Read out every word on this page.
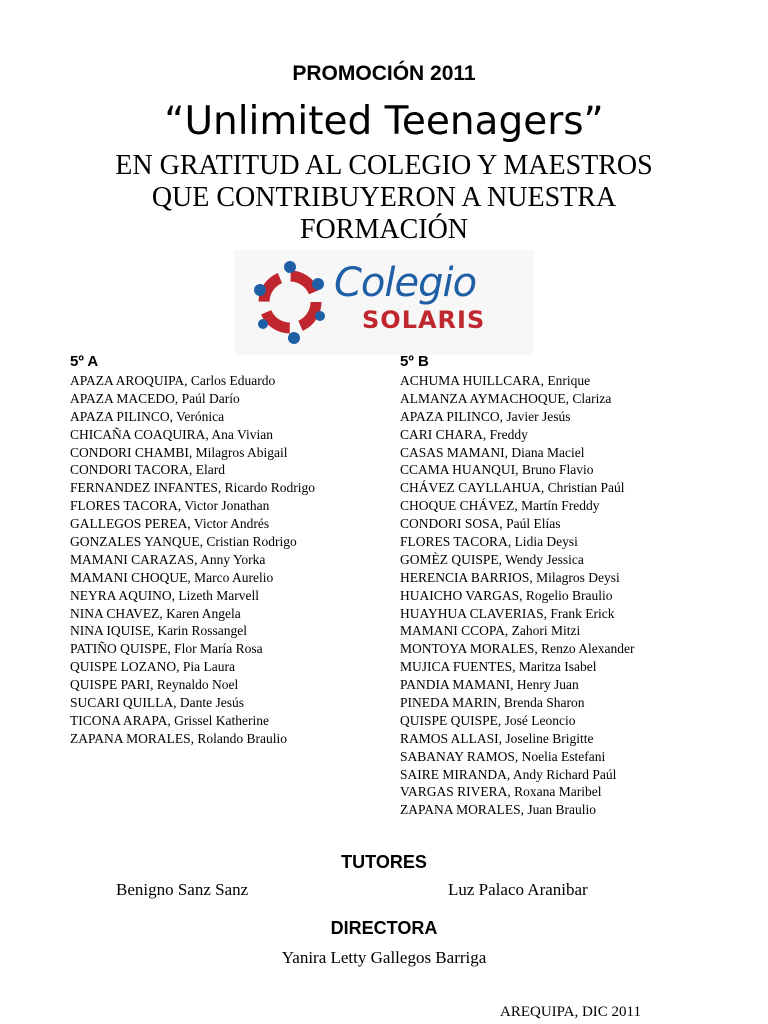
PROMOCIÓN 2011
“Unlimited Teenagers”
EN GRATITUD AL COLEGIO Y MAESTROS
QUE CONTRIBUYERON A NUESTRA
FORMACIÓN
Colegio
SOLARIS
5º A
APAZA AROQUIPA, Carlos Eduardo
APAZA MACEDO, Paúl Darío
APAZA PILINCO, Verónica
CHICAÑA COAQUIRA, Ana Vivian
CONDORI CHAMBI, Milagros Abigail
CONDORI TACORA, Elard
FERNANDEZ INFANTES, Ricardo Rodrigo
FLORES TACORA, Victor Jonathan
GALLEGOS PEREA, Victor Andrés
GONZALES YANQUE, Cristian Rodrigo
MAMANI CARAZAS, Anny Yorka
MAMANI CHOQUE, Marco Aurelio
NEYRA AQUINO, Lizeth Marvell
NINA CHAVEZ, Karen Angela
NINA IQUISE, Karin Rossangel
PATIÑO QUISPE, Flor María Rosa
QUISPE LOZANO, Pia Laura
QUISPE PARI, Reynaldo Noel
SUCARI QUILLA, Dante Jesús
TICONA ARAPA, Grissel Katherine
ZAPANA MORALES, Rolando Braulio
5º B
ACHUMA HUILLCARA, Enrique
ALMANZA AYMACHOQUE, Clariza
APAZA PILINCO, Javier Jesús
CARI CHARA, Freddy
CASAS MAMANI, Diana Maciel
CCAMA HUANQUI, Bruno Flavio
CHÁVEZ CAYLLAHUA, Christian Paúl
CHOQUE CHÁVEZ, Martín Freddy
CONDORI SOSA, Paúl Elías
FLORES TACORA, Lidia Deysi
GOMÈZ QUISPE, Wendy Jessica
HERENCIA BARRIOS, Milagros Deysi
HUAICHO VARGAS, Rogelio Braulio
HUAYHUA CLAVERIAS, Frank Erick
MAMANI CCOPA, Zahori Mitzi
MONTOYA MORALES, Renzo Alexander
MUJICA FUENTES, Maritza Isabel
PANDIA MAMANI, Henry Juan
PINEDA MARIN, Brenda Sharon
QUISPE QUISPE, José Leoncio
RAMOS ALLASI, Joseline Brigitte
SABANAY RAMOS, Noelia Estefani
SAIRE MIRANDA, Andy Richard Paúl
VARGAS RIVERA, Roxana Maribel
ZAPANA MORALES, Juan Braulio
TUTORES
Benigno Sanz Sanz	Luz Palaco Aranibar
DIRECTORA
Yanira Letty Gallegos Barriga
AREQUIPA, DIC 2011
